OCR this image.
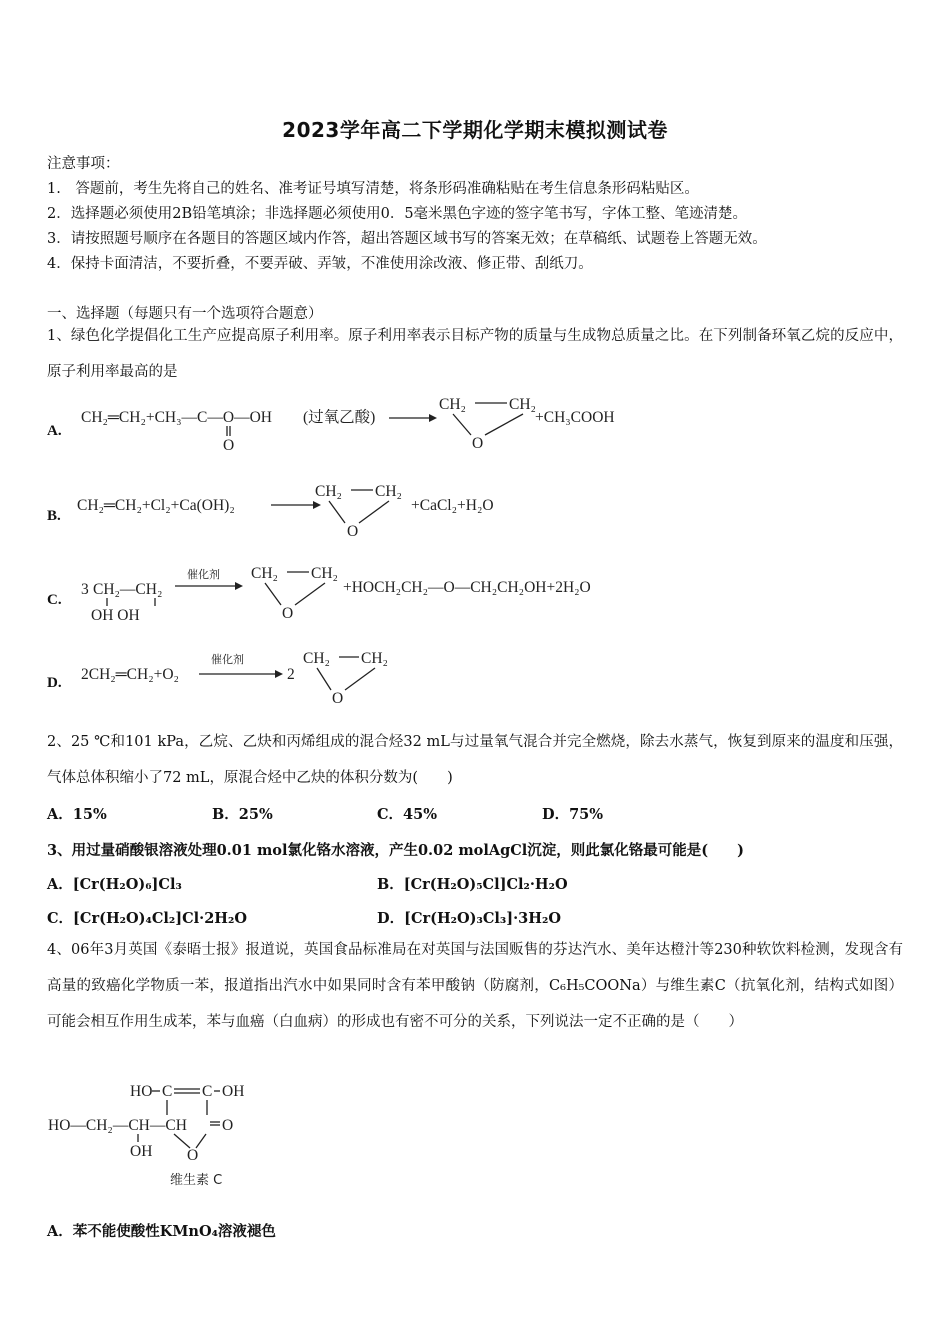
2023学年高二下学期化学期末模拟测试卷
注意事项：
1.　答题前，考生先将自己的姓名、准考证号填写清楚，将条形码准确粘贴在考生信息条形码粘贴区。
2．选择题必须使用2B铅笔填涂；非选择题必须使用0．5毫米黑色字迹的签字笔书写，字体工整、笔迹清楚。
3．请按照题号顺序在各题目的答题区域内作答，超出答题区域书写的答案无效；在草稿纸、试题卷上答题无效。
4．保持卡面清洁，不要折叠，不要弄破、弄皱，不准使用涂改液、修正带、刮纸刀。
一、选择题（每题只有一个选项符合题意）
1、绿色化学提倡化工生产应提高原子利用率。原子利用率表示目标产物的质量与生成物总质量之比。在下列制备环氧乙烷的反应中，原子利用率最高的是
A.
CH₂═CH₂+CH₃—C—O—OH
O
(过氧乙酸)
CH₂	CH₂
O
+CH₃COOH
B.
CH₂═CH₂+Cl₂+Ca(OH)₂
CH₂ CH₂
O
+CaCl₂+H₂O
C.
3 CH₂—CH₂
OH OH
催化剂 CH₂ CH₂
O
+HOCH₂CH₂—O—CH₂CH₂OH+2H₂O
D. 2CH₂═CH₂+O₂
催化剂
2
CH₂ CH₂
O
2、25 ℃和101 kPa，乙烷、乙炔和丙烯组成的混合烃32 mL与过量氧气混合并完全燃烧，除去水蒸气，恢复到原来的温度和压强，气体总体积缩小了72 mL，原混合烃中乙炔的体积分数为(　　)
A．15%	B．25%	C．45%	D．75%
3、用过量硝酸银溶液处理0.01 mol氯化铬水溶液，产生0.02 molAgCl沉淀，则此氯化铬最可能是(　　)
A．[Cr(H₂O)₆]Cl₃	B．[Cr(H₂O)₅Cl]Cl₂·H₂O
C．[Cr(H₂O)₄Cl₂]Cl·2H₂O	D．[Cr(H₂O)₃Cl₃]·3H₂O
4、06年3月英国《泰晤士报》报道说，英国食品标准局在对英国与法国贩售的芬达汽水、美年达橙汁等230种软饮料检测，发现含有高量的致癌化学物质一苯，报道指出汽水中如果同时含有苯甲酸钠（防腐剂，C₆H₅COONa）与维生素C（抗氧化剂，结构式如图）可能会相互作用生成苯，苯与血癌（白血病）的形成也有密不可分的关系，下列说法一定不正确的是（　　）
HO C C OH
HO—CH₂—CH—CH O
OH O
维生素 C
A．苯不能使酸性KMnO₄溶液褪色
